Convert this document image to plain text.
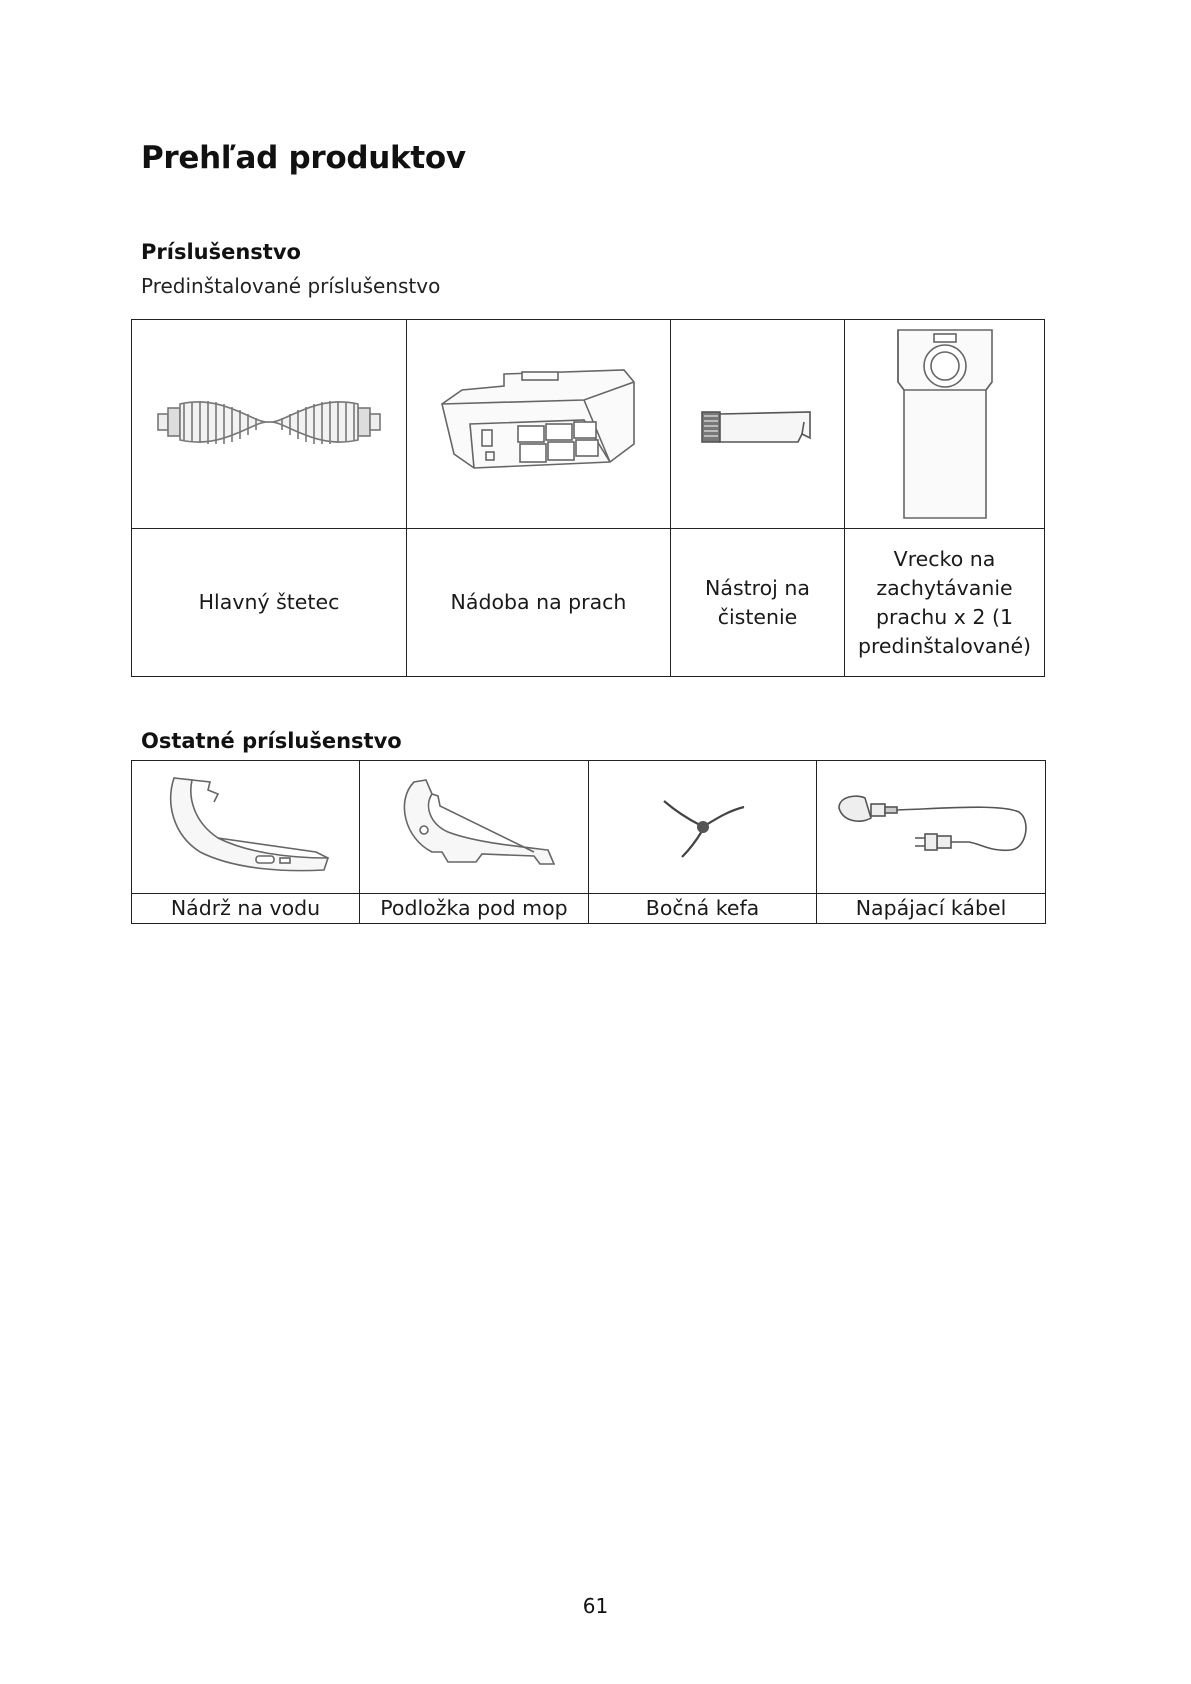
Prehľad produktov
Príslušenstvo

Predinštalované príslušenstvo

Hlavný štetec	Nádoba na prach	Nástroj na čistenie	Vrecko na zachytávanie prachu x 2 (1 predinštalované)
Ostatné príslušenstvo

Nádrž na vodu	Podložka pod mop	Bočná kefa	Napájací kábel
61
